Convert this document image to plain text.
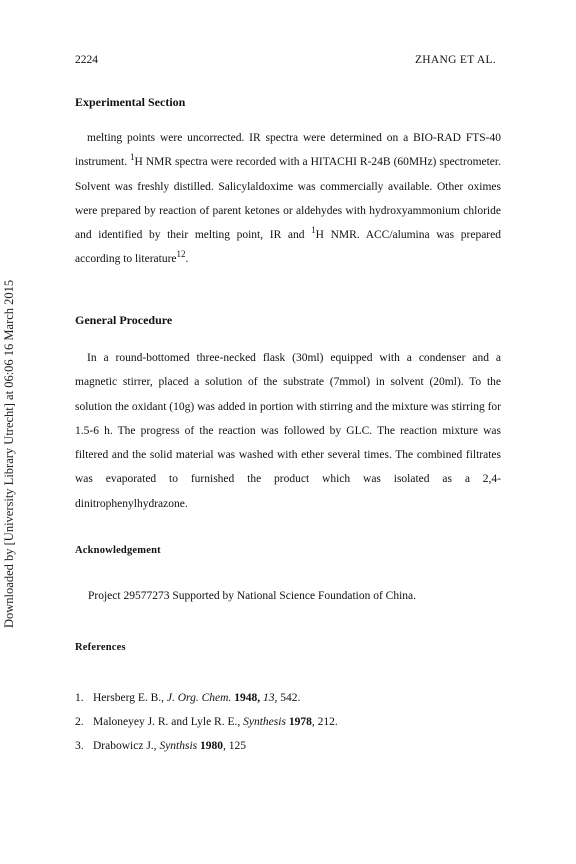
Downloaded by [University Library Utrecht] at 06:06 16 March 2015
2224	ZHANG ET AL.
Experimental Section
melting points were uncorrected. IR spectra were determined on a BIO-RAD FTS-40 instrument. $^1$H NMR spectra were recorded with a HITACHI R-24B (60MHz) spectrometer. Solvent was freshly distilled. Salicylaldoxime was commercially available. Other oximes were prepared by reaction of parent ketones or aldehydes with hydroxyammonium chloride and identified by their melting point, IR and $^1$H NMR. ACC/alumina was prepared according to literature$^{12}$.
General Procedure
In a round-bottomed three-necked flask (30ml) equipped with a condenser and a magnetic stirrer, placed a solution of the substrate (7mmol) in solvent (20ml). To the solution the oxidant (10g) was added in portion with stirring and the mixture was stirring for 1.5-6 h. The progress of the reaction was followed by GLC. The reaction mixture was filtered and the solid material was washed with ether several times. The combined filtrates was evaporated to furnished the product which was isolated as a 2,4-dinitrophenylhydrazone.
Acknowledgement
Project 29577273 Supported by National Science Foundation of China.
References
1. Hersberg E. B., J. Org. Chem. 1948, 13, 542.
2. Maloneyey J. R. and Lyle R. E., Synthesis 1978, 212.
3. Drabowicz J., Synthsis 1980, 125
